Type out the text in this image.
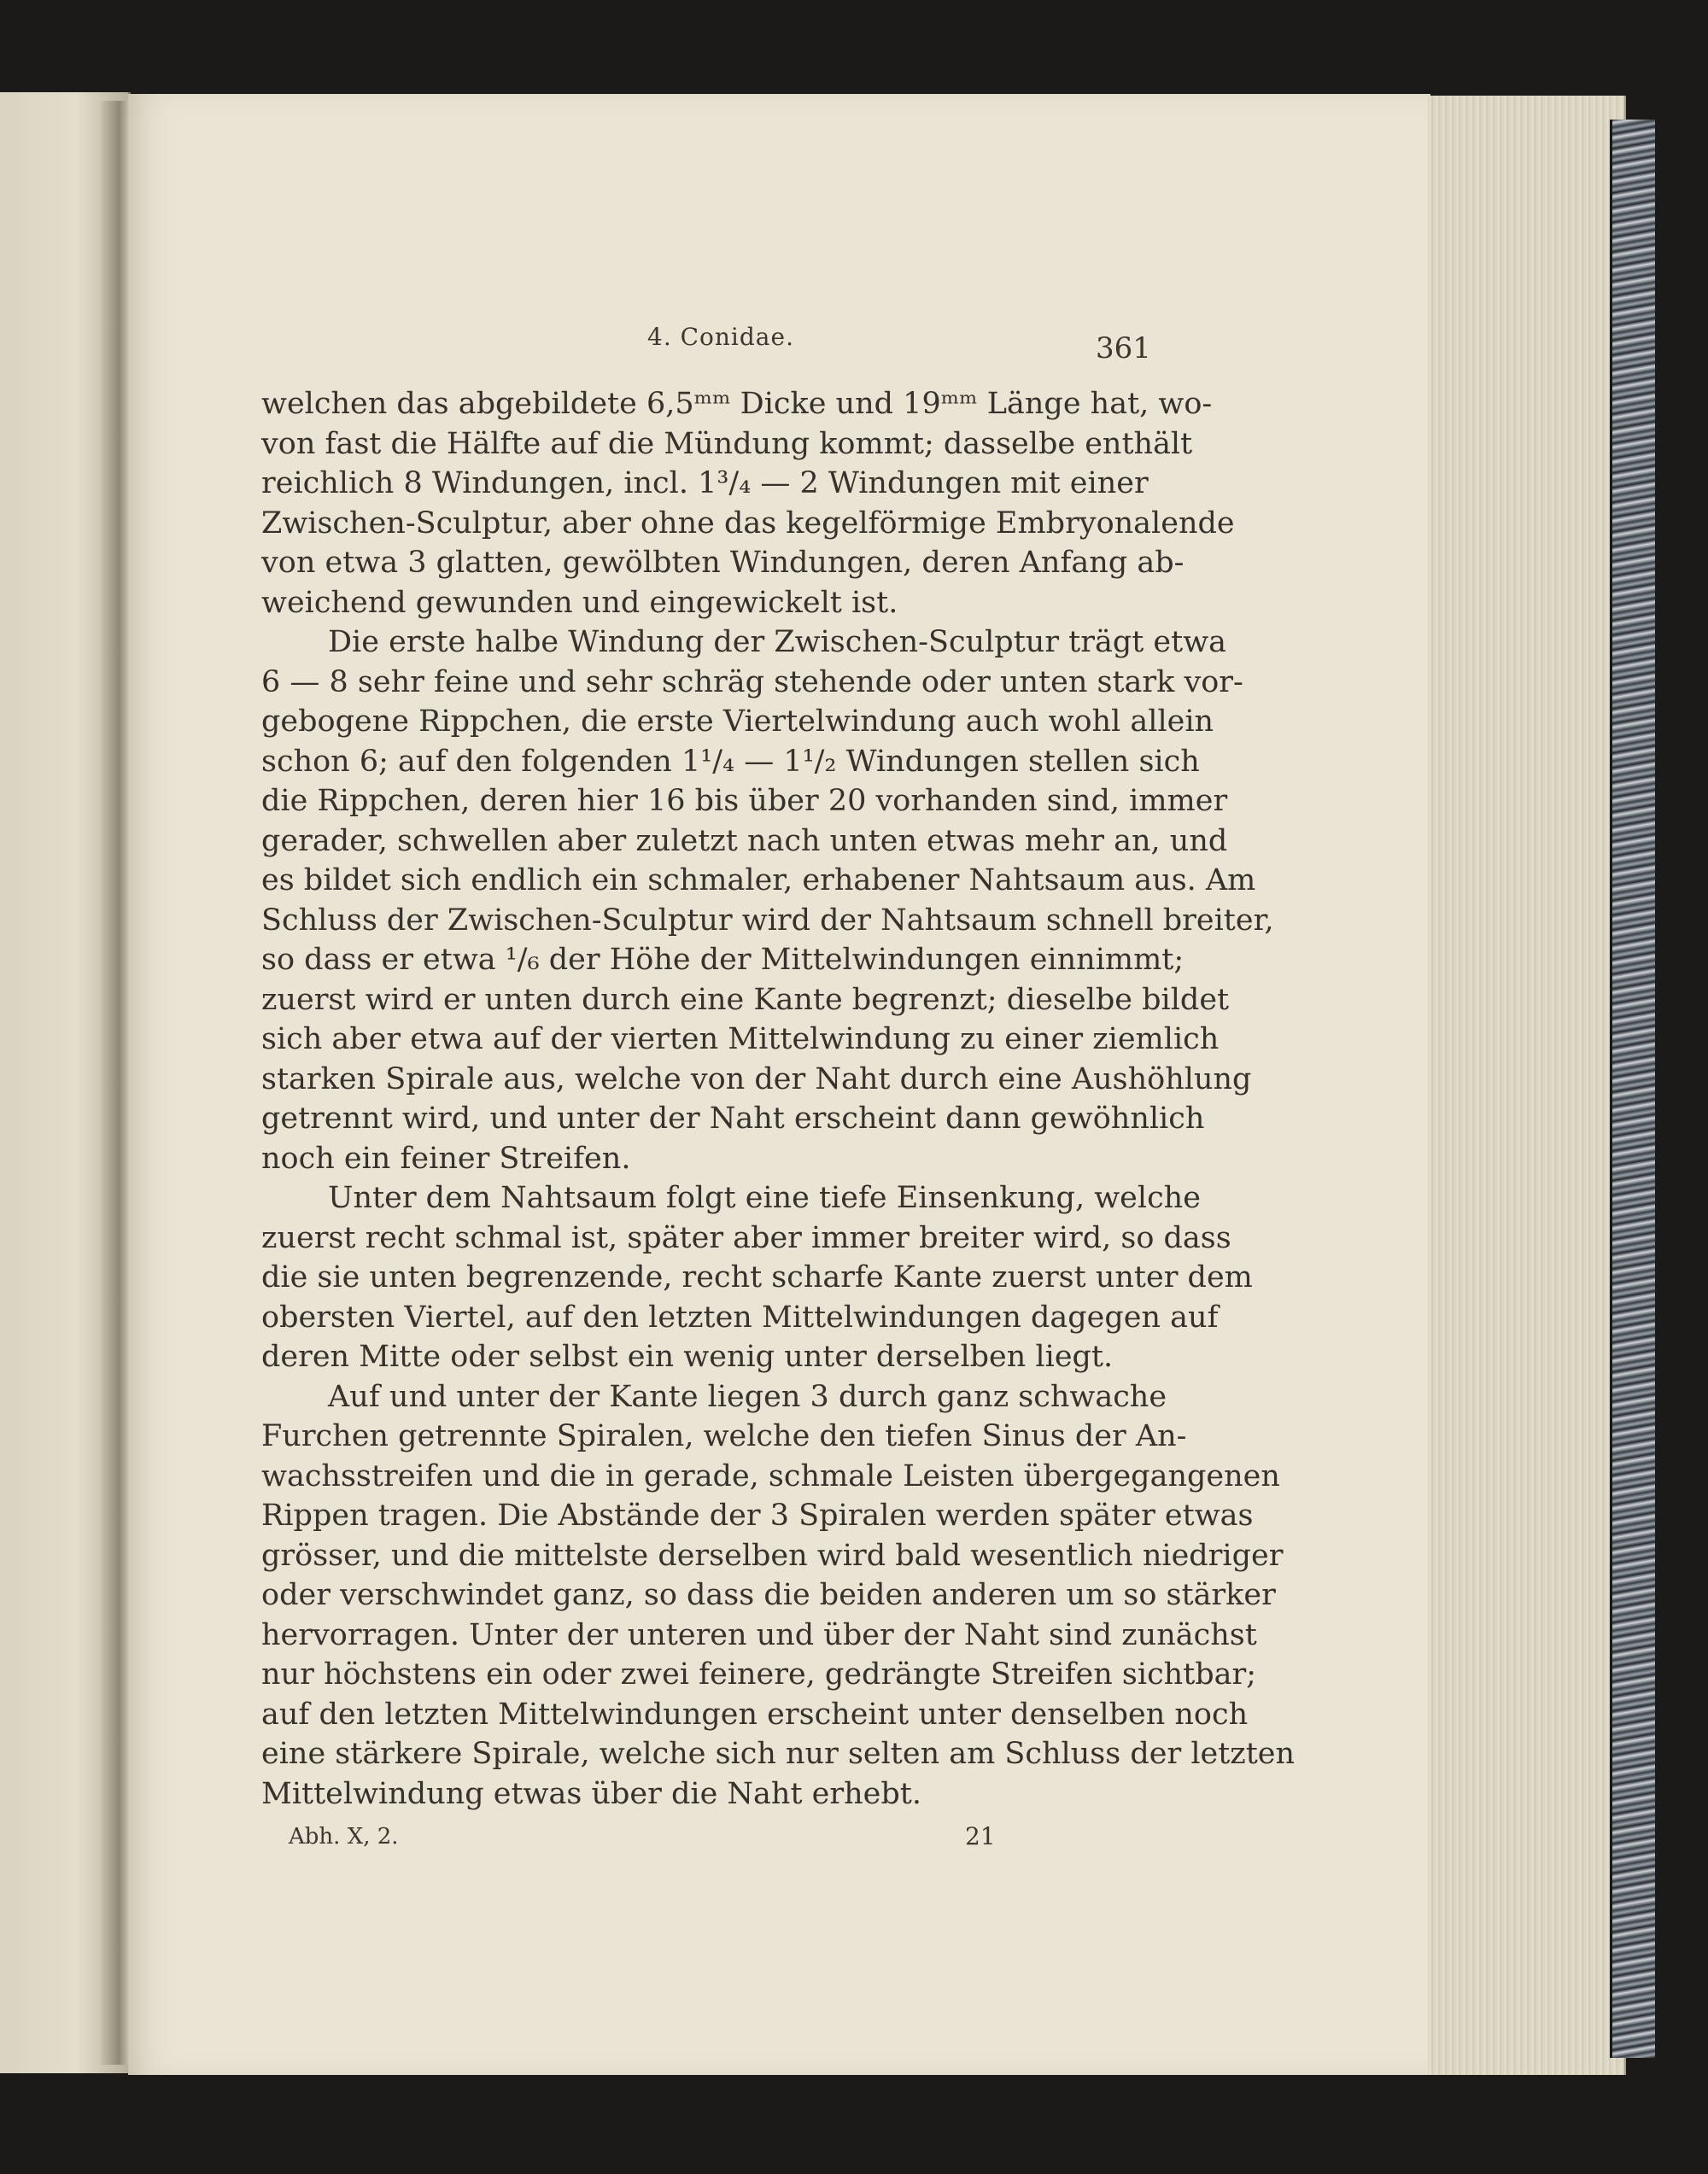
4. Conidae.	361
welchen das abgebildete 6,5ᵐᵐ Dicke und 19ᵐᵐ Länge hat, wo-
von fast die Hälfte auf die Mündung kommt; dasselbe enthält
reichlich 8 Windungen, incl. 1³/₄ — 2 Windungen mit einer
Zwischen-Sculptur, aber ohne das kegelförmige Embryonalende
von etwa 3 glatten, gewölbten Windungen, deren Anfang ab-
weichend gewunden und eingewickelt ist.
Die erste halbe Windung der Zwischen-Sculptur trägt etwa
6 — 8 sehr feine und sehr schräg stehende oder unten stark vor-
gebogene Rippchen, die erste Viertelwindung auch wohl allein
schon 6; auf den folgenden 1¹/₄ — 1¹/₂ Windungen stellen sich
die Rippchen, deren hier 16 bis über 20 vorhanden sind, immer
gerader, schwellen aber zuletzt nach unten etwas mehr an, und
es bildet sich endlich ein schmaler, erhabener Nahtsaum aus. Am
Schluss der Zwischen-Sculptur wird der Nahtsaum schnell breiter,
so dass er etwa ¹/₆ der Höhe der Mittelwindungen einnimmt;
zuerst wird er unten durch eine Kante begrenzt; dieselbe bildet
sich aber etwa auf der vierten Mittelwindung zu einer ziemlich
starken Spirale aus, welche von der Naht durch eine Aushöhlung
getrennt wird, und unter der Naht erscheint dann gewöhnlich
noch ein feiner Streifen.
Unter dem Nahtsaum folgt eine tiefe Einsenkung, welche
zuerst recht schmal ist, später aber immer breiter wird, so dass
die sie unten begrenzende, recht scharfe Kante zuerst unter dem
obersten Viertel, auf den letzten Mittelwindungen dagegen auf
deren Mitte oder selbst ein wenig unter derselben liegt.
Auf und unter der Kante liegen 3 durch ganz schwache
Furchen getrennte Spiralen, welche den tiefen Sinus der An-
wachsstreifen und die in gerade, schmale Leisten übergegangenen
Rippen tragen. Die Abstände der 3 Spiralen werden später etwas
grösser, und die mittelste derselben wird bald wesentlich niedriger
oder verschwindet ganz, so dass die beiden anderen um so stärker
hervorragen. Unter der unteren und über der Naht sind zunächst
nur höchstens ein oder zwei feinere, gedrängte Streifen sichtbar;
auf den letzten Mittelwindungen erscheint unter denselben noch
eine stärkere Spirale, welche sich nur selten am Schluss der letzten
Mittelwindung etwas über die Naht erhebt.
Abh. X, 2.	21
